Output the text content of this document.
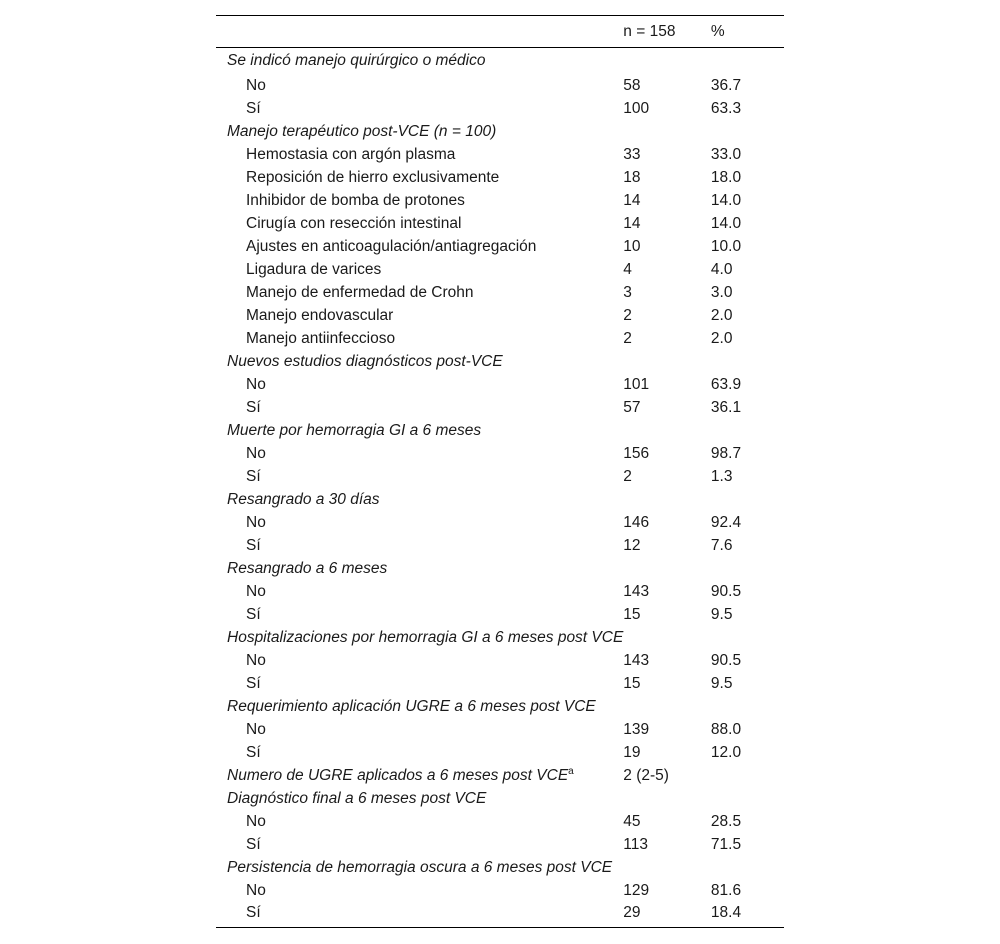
	n = 158	%
Se indicó manejo quirúrgico o médico		
No	58	36.7
Sí	100	63.3
Manejo terapéutico post-VCE (n = 100)		
Hemostasia con argón plasma	33	33.0
Reposición de hierro exclusivamente	18	18.0
Inhibidor de bomba de protones	14	14.0
Cirugía con resección intestinal	14	14.0
Ajustes en anticoagulación/antiagregación	10	10.0
Ligadura de varices	4	4.0
Manejo de enfermedad de Crohn	3	3.0
Manejo endovascular	2	2.0
Manejo antiinfeccioso	2	2.0
Nuevos estudios diagnósticos post-VCE		
No	101	63.9
Sí	57	36.1
Muerte por hemorragia GI a 6 meses		
No	156	98.7
Sí	2	1.3
Resangrado a 30 días		
No	146	92.4
Sí	12	7.6
Resangrado a 6 meses		
No	143	90.5
Sí	15	9.5
Hospitalizaciones por hemorragia GI a 6 meses post VCE		
No	143	90.5
Sí	15	9.5
Requerimiento aplicación UGRE a 6 meses post VCE		
No	139	88.0
Sí	19	12.0
Numero de UGRE aplicados a 6 meses post VCE$^a$	2 (2-5)	
Diagnóstico final a 6 meses post VCE		
No	45	28.5
Sí	113	71.5
Persistencia de hemorragia oscura a 6 meses post VCE		
No	129	81.6
Sí	29	18.4
